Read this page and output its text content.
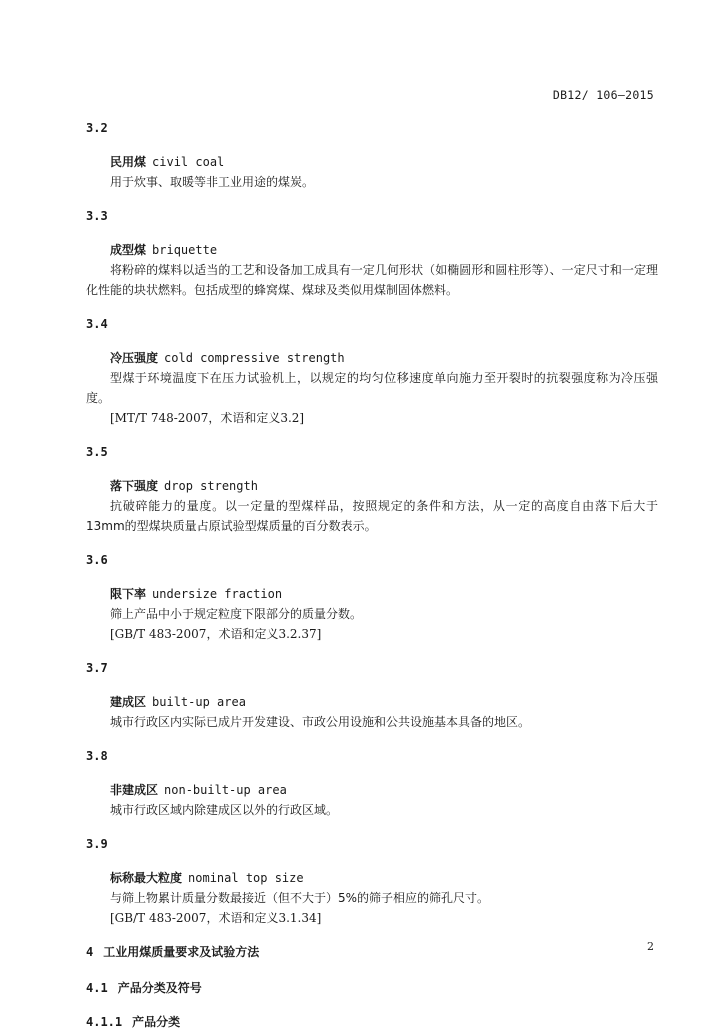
DB12/ 106—2015
3.2
民用煤 civil coal

用于炊事、取暖等非工业用途的煤炭。

3.3
成型煤 briquette

将粉碎的煤料以适当的工艺和设备加工成具有一定几何形状（如椭圆形和圆柱形等）、一定尺寸和一定理化性能的块状燃料。包括成型的蜂窝煤、煤球及类似用煤制固体燃料。

3.4
冷压强度 cold compressive strength

型煤于环境温度下在压力试验机上，以规定的均匀位移速度单向施力至开裂时的抗裂强度称为冷压强度。

[MT/T 748-2007，术语和定义3.2]
3.5
落下强度 drop strength

抗破碎能力的量度。以一定量的型煤样品，按照规定的条件和方法，从一定的高度自由落下后大于13mm的型煤块质量占原试验型煤质量的百分数表示。

3.6
限下率 undersize fraction

筛上产品中小于规定粒度下限部分的质量分数。

[GB/T 483-2007，术语和定义3.2.37]
3.7
建成区 built-up area

城市行政区内实际已成片开发建设、市政公用设施和公共设施基本具备的地区。

3.8
非建成区 non-built-up area

城市行政区域内除建成区以外的行政区域。

3.9
标称最大粒度 nominal top size

与筛上物累计质量分数最接近（但不大于）5%的筛子相应的筛孔尺寸。

[GB/T 483-2007，术语和定义3.1.34]
4 工业用煤质量要求及试验方法
4.1 产品分类及符号
4.1.1 产品分类
2
